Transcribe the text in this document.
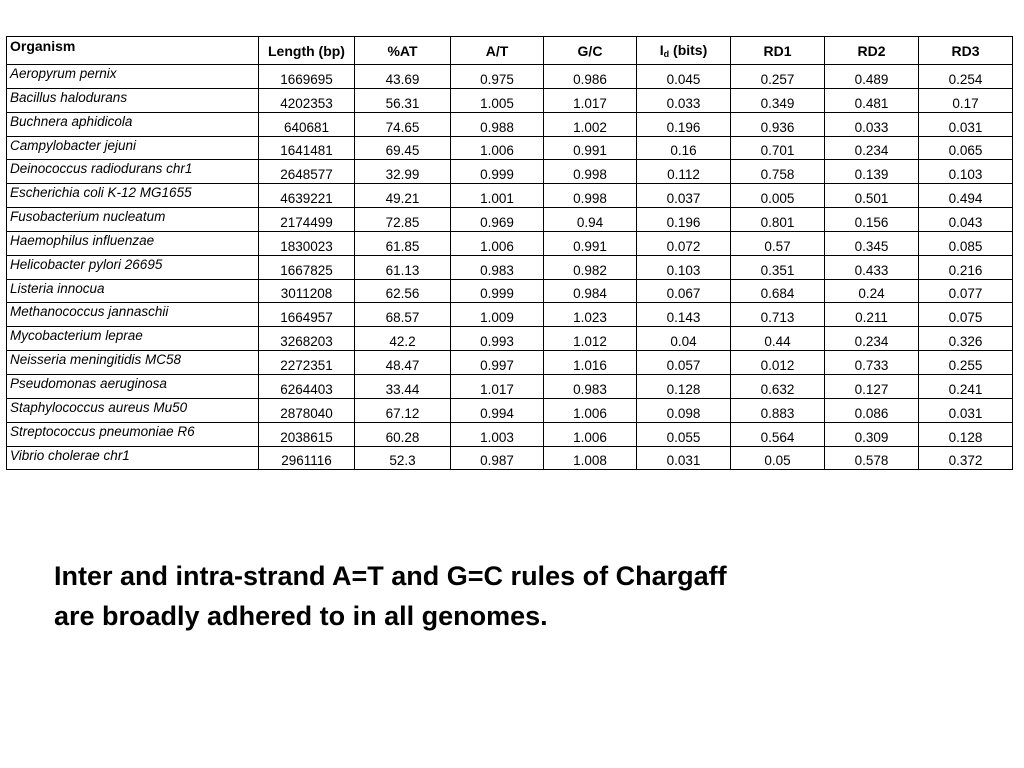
Organism	Length (bp)	%AT	A/T	G/C	$I_d$ (bits)	RD1	RD2	RD3
Aeropyrum pernix	1669695	43.69	0.975	0.986	0.045	0.257	0.489	0.254
Bacillus halodurans	4202353	56.31	1.005	1.017	0.033	0.349	0.481	0.17
Buchnera aphidicola	640681	74.65	0.988	1.002	0.196	0.936	0.033	0.031
Campylobacter jejuni	1641481	69.45	1.006	0.991	0.16	0.701	0.234	0.065
Deinococcus radiodurans chr1	2648577	32.99	0.999	0.998	0.112	0.758	0.139	0.103
Escherichia coli K-12 MG1655	4639221	49.21	1.001	0.998	0.037	0.005	0.501	0.494
Fusobacterium nucleatum	2174499	72.85	0.969	0.94	0.196	0.801	0.156	0.043
Haemophilus influenzae	1830023	61.85	1.006	0.991	0.072	0.57	0.345	0.085
Helicobacter pylori 26695	1667825	61.13	0.983	0.982	0.103	0.351	0.433	0.216
Listeria innocua	3011208	62.56	0.999	0.984	0.067	0.684	0.24	0.077
Methanococcus jannaschii	1664957	68.57	1.009	1.023	0.143	0.713	0.211	0.075
Mycobacterium leprae	3268203	42.2	0.993	1.012	0.04	0.44	0.234	0.326
Neisseria meningitidis MC58	2272351	48.47	0.997	1.016	0.057	0.012	0.733	0.255
Pseudomonas aeruginosa	6264403	33.44	1.017	0.983	0.128	0.632	0.127	0.241
Staphylococcus aureus Mu50	2878040	67.12	0.994	1.006	0.098	0.883	0.086	0.031
Streptococcus pneumoniae R6	2038615	60.28	1.003	1.006	0.055	0.564	0.309	0.128
Vibrio cholerae chr1	2961116	52.3	0.987	1.008	0.031	0.05	0.578	0.372
Inter and intra-strand A=T and G=C rules of Chargaff
are broadly adhered to in all genomes.
